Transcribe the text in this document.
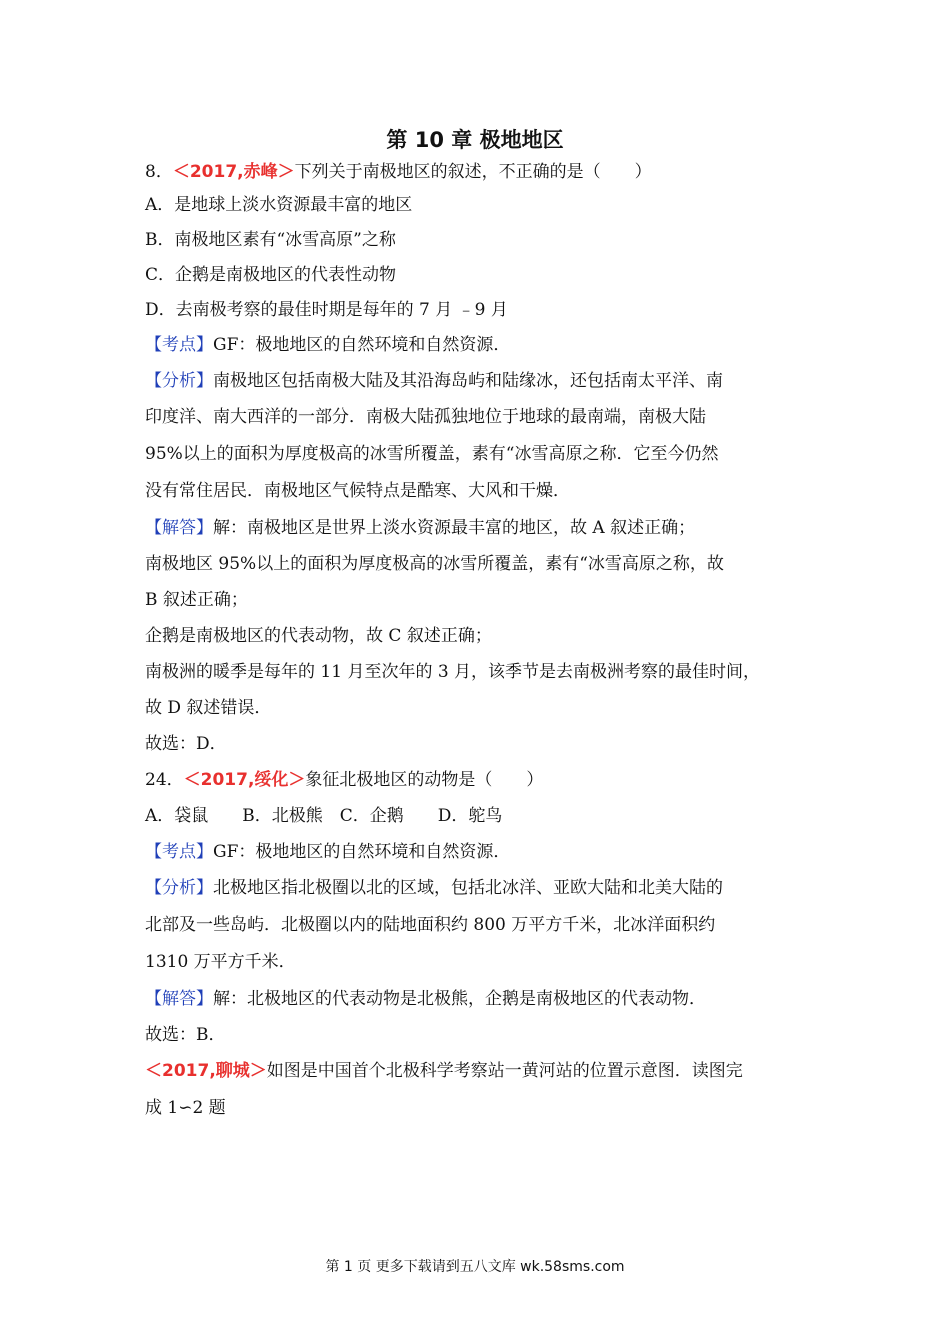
第 10 章 极地地区
8．＜2017,赤峰＞下列关于南极地区的叙述，不正确的是（　　）
A．是地球上淡水资源最丰富的地区
B．南极地区素有“冰雪高原”之称
C．企鹅是南极地区的代表性动物
D．去南极考察的最佳时期是每年的 7 月 ﹣9 月
【考点】GF：极地地区的自然环境和自然资源．
【分析】南极地区包括南极大陆及其沿海岛屿和陆缘冰，还包括南太平洋、南
印度洋、南大西洋的一部分．南极大陆孤独地位于地球的最南端，南极大陆
95%以上的面积为厚度极高的冰雪所覆盖，素有“冰雪高原之称．它至今仍然
没有常住居民．南极地区气候特点是酷寒、大风和干燥．
【解答】解：南极地区是世界上淡水资源最丰富的地区，故 A 叙述正确；
南极地区 95%以上的面积为厚度极高的冰雪所覆盖，素有“冰雪高原之称，故
B 叙述正确；
企鹅是南极地区的代表动物，故 C 叙述正确；
南极洲的暖季是每年的 11 月至次年的 3 月，该季节是去南极洲考察的最佳时间，
故 D 叙述错误．
故选：D．
24．＜2017,绥化＞象征北极地区的动物是（　　）
A．袋鼠　　B．北极熊　C．企鹅　　D．鸵鸟
【考点】GF：极地地区的自然环境和自然资源．
【分析】北极地区指北极圈以北的区域，包括北冰洋、亚欧大陆和北美大陆的
北部及一些岛屿．北极圈以内的陆地面积约 800 万平方千米，北冰洋面积约
1310 万平方千米．
【解答】解：北极地区的代表动物是北极熊，企鹅是南极地区的代表动物．
故选：B．
＜2017,聊城＞如图是中国首个北极科学考察站一黄河站的位置示意图．读图完
成 1∽2 题
第 1 页 更多下载请到五八文库 wk.58sms.com
